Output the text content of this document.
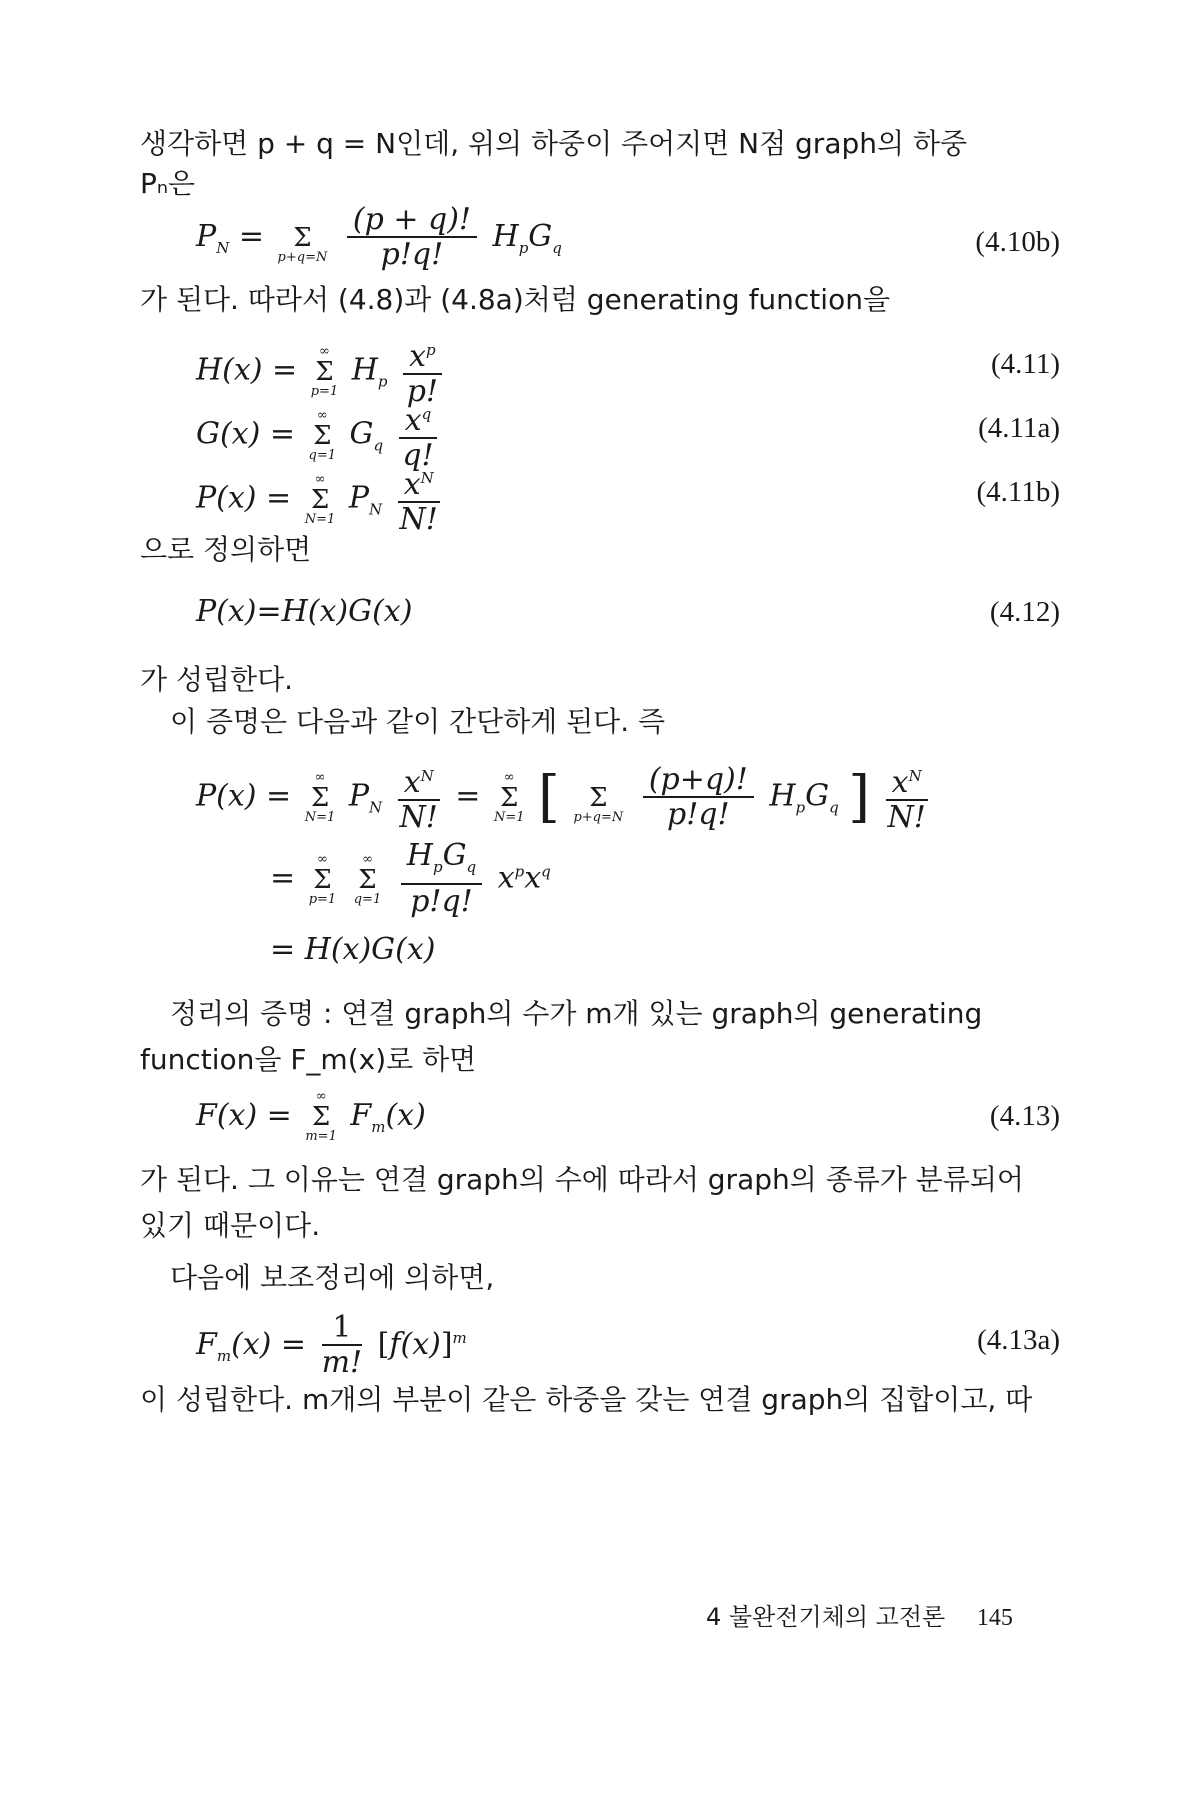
생각하면 p + q = N인데, 위의 하중이 주어지면 N점 graph의 하중
Pₙ은
$P_N$ =
Σ
p+q=N
$\frac{(p + q)!}{p!q!} H_pG_q$	(4.10b)
가 된다. 따라서 (4.8)과 (4.8a)처럼 generating function을
H(x) =
∞
Σ
p=1
$H_p \frac{x^p}{p!}$	(4.11)
G(x) =
∞
Σ
q=1
$G_q \frac{x^q}{q!}$	(4.11a)
P(x) =
∞
Σ
N=1
$P_N \frac{x^N}{N!}$	(4.11b)
으로 정의하면
P(x)=H(x)G(x)	(4.12)
가 성립한다.
이 증명은 다음과 같이 간단하게 된다. 즉
P(x) =
∞
Σ
N=1
$P_N \frac{x^N}{N!}$ =
∞
Σ
N=1 [
	Σ
p+q=N
$\frac{(p+q)!}{p!q!} H_pG_q$ ] $\frac{x^N}{N!}$
=
∞
Σ
p=1

∞
Σ
q=1
$\frac{H_pG_q}{p!q!} x^px^q$
= H(x)G(x)
정리의 증명 : 연결 graph의 수가 m개 있는 graph의 generating
function을 F_m(x)로 하면
F(x) =
∞
Σ
m=1
$F_m(x)$	(4.13)
가 된다. 그 이유는 연결 graph의 수에 따라서 graph의 종류가 분류되어
있기 때문이다.
다음에 보조정리에 의하면,
$F_m(x) = \frac{1}{m!} [f(x)]^m$	(4.13a)
이 성립한다. m개의 부분이 같은 하중을 갖는 연결 graph의 집합이고, 따
4 불완전기체의 고전론 145
